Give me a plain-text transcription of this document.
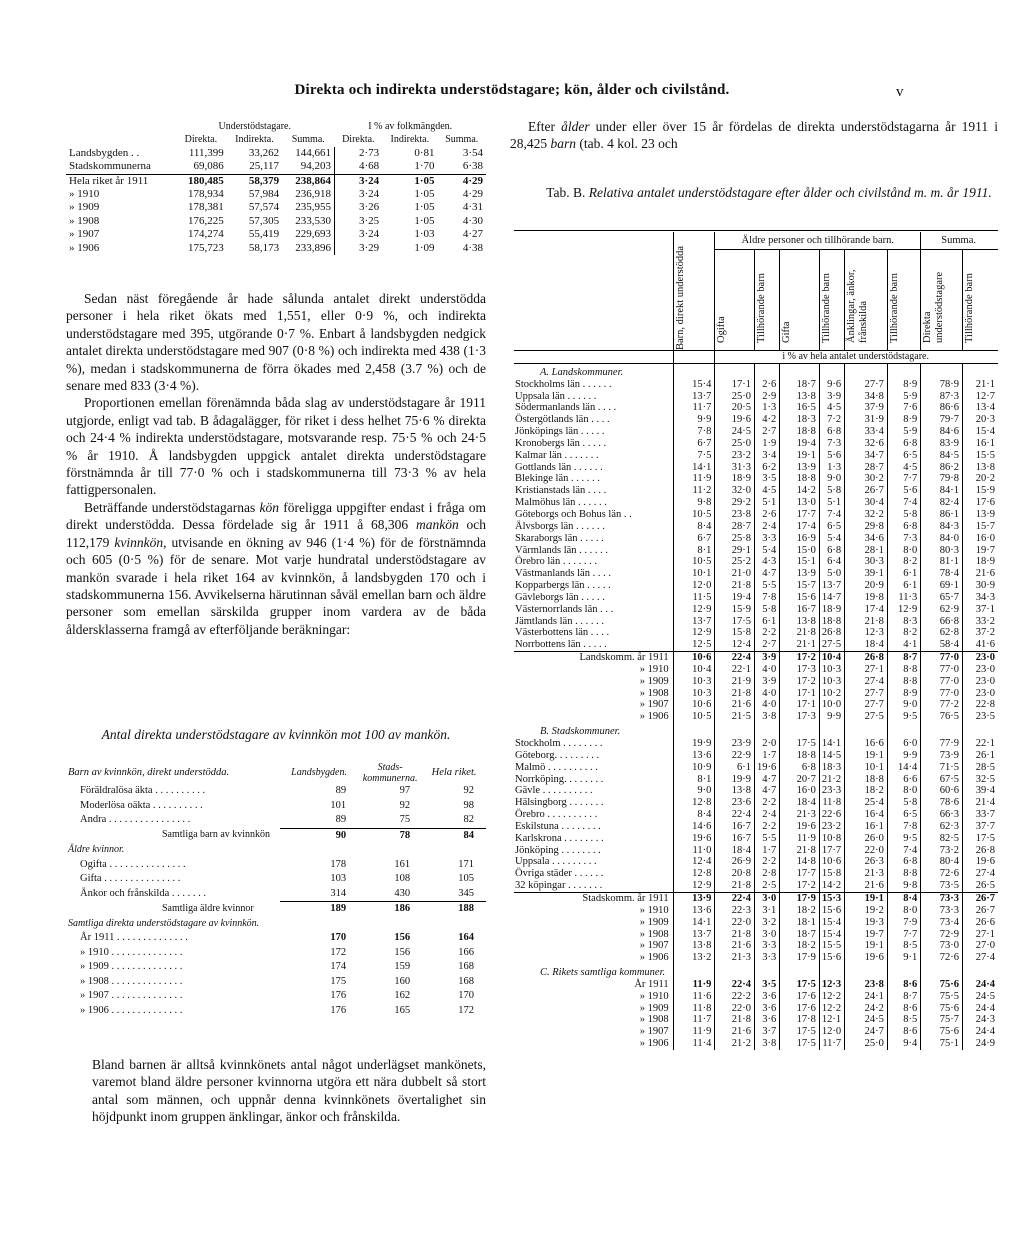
Direkta och indirekta understödstagare; kön, ålder och civilstånd.	v
	Understödstagare.			I % av folkmängden.		
	Direkta.	Indirekta.	Summa.	Direkta.	Indirekta.	Summa.
Landsbygden . .	111,399	33,262	144,661	2·73	0·81	3·54
Stadskommunerna	69,086	25,117	94,203	4·68	1·70	6·38
Hela riket år 1911	180,485	58,379	238,864	3·24	1·05	4·29
» 1910	178,934	57,984	236,918	3·24	1·05	4·29
» 1909	178,381	57,574	235,955	3·26	1·05	4·31
» 1908	176,225	57,305	233,530	3·25	1·05	4·30
» 1907	174,274	55,419	229,693	3·24	1·03	4·27
» 1906	175,723	58,173	233,896	3·29	1·09	4·38

Sedan näst föregående år hade sålunda antalet direkt understödda personer i hela riket ökats med 1,551, eller 0·9 %, och indirekta understödstagare med 395, utgörande 0·7 %. Enbart å landsbygden nedgick antalet direkta understödstagare med 907 (0·8 %) och indirekta med 438 (1·3 %), medan i stadskommunerna de förra ökades med 2,458 (3.7 %) och de senare med 833 (3·4 %).

Proportionen emellan förenämnda båda slag av understödstagare år 1911 utgjorde, enligt vad tab. B ådagalägger, för riket i dess helhet 75·6 % direkta och 24·4 % indirekta understödstagare, motsvarande resp. 75·5 % och 24·5 % år 1910. Å landsbygden uppgick antalet direkta understödstagare förstnämnda år till 77·0 % och i stadskommunerna till 73·3 % av hela fattigpersonalen.

Beträffande understödstagarnas kön föreligga uppgifter endast i fråga om direkt understödda. Dessa fördelade sig år 1911 å 68,306 mankön och 112,179 kvinnkön, utvisande en ökning av 946 (1·4 %) för de förstnämnda och 605 (0·5 %) för de senare. Mot varje hundratal understödstagare av mankön svarade i hela riket 164 av kvinnkön, å landsbygden 170 och i stadskommunerna 156. Avvikelserna härutinnan såväl emellan barn och äldre personer som emellan särskilda grupper inom vardera av de båda åldersklasserna framgå av efterföljande beräkningar:

Antal direkta understödstagare av kvinnkön mot 100 av mankön.
Barn av kvinnkön, direkt understödda.	Landsbygden.	Stads-kommunerna.	Hela riket.
Föräldralösa äkta . . . . . . . . . .	89	97	92
Moderlösa oäkta . . . . . . . . . .	101	92	98
Andra . . . . . . . . . . . . . . . .	89	75	82
Samtliga barn av kvinnkön	90	78	84
Äldre kvinnor.			
Ogifta . . . . . . . . . . . . . . .	178	161	171
Gifta . . . . . . . . . . . . . . .	103	108	105
Änkor och frånskilda . . . . . . .	314	430	345
Samtliga äldre kvinnor	189	186	188
Samtliga direkta understödstagare av kvinnkön.			
År 1911 . . . . . . . . . . . . . .	170	156	164
» 1910 . . . . . . . . . . . . . .	172	156	166
» 1909 . . . . . . . . . . . . . .	174	159	168
» 1908 . . . . . . . . . . . . . .	175	160	168
» 1907 . . . . . . . . . . . . . .	176	162	170
» 1906 . . . . . . . . . . . . . .	176	165	172
Bland barnen är alltså kvinnkönets antal något underlägset mankönets, varemot bland äldre personer kvinnorna utgöra ett nära dubbelt så stort antal som männen, och uppnår denna kvinnkönets övertalighet sin höjdpunkt inom gruppen änklingar, änkor och frånskilda.

Efter ålder under eller över 15 år fördelas de direkta understödstagarna år 1911 i 28,425 barn (tab. 4 kol. 23 och

Tab. B. Relativa antalet understödstagare efter ålder och civilstånd m. m. år 1911.

	Barn, direkt understödda	Äldre personer och tillhörande barn.						Summa.	

		Ogifta	Tillhörande barn	Gifta	Tillhörande barn	Änklingar, änkor, frånskilda	Tillhörande barn	Direkta understödstagare	Tillhörande barn

		i % av hela antalet understödstagare.							
A. Landskommuner.									
Stockholms län . . . . . .	15·4	17·1	2·6	18·7	9·6	27·7	8·9	78·9	21·1
Uppsala län . . . . . .	13·7	25·0	2·9	13·8	3·9	34·8	5·9	87·3	12·7
Södermanlands län . . . .	11·7	20·5	1·3	16·5	4·5	37·9	7·6	86·6	13·4
Östergötlands län . . . .	9·9	19·6	4·2	18·3	7·2	31·9	8·9	79·7	20·3
Jönköpings län . . . . .	7·8	24·5	2·7	18·8	6·8	33·4	5·9	84·6	15·4
Kronobergs län . . . . .	6·7	25·0	1·9	19·4	7·3	32·6	6·8	83·9	16·1
Kalmar län . . . . . . .	7·5	23·2	3·4	19·1	5·6	34·7	6·5	84·5	15·5
Gottlands län . . . . . .	14·1	31·3	6·2	13·9	1·3	28·7	4·5	86·2	13·8
Blekinge län . . . . . .	11·9	18·9	3·5	18·8	9·0	30·2	7·7	79·8	20·2
Kristianstads län . . . .	11·2	32·0	4·5	14·2	5·8	26·7	5·6	84·1	15·9
Malmöhus län . . . . . .	9·8	29·2	5·1	13·0	5·1	30·4	7·4	82·4	17·6
Göteborgs och Bohus län . .	10·5	23·8	2·6	17·7	7·4	32·2	5·8	86·1	13·9
Älvsborgs län . . . . . .	8·4	28·7	2·4	17·4	6·5	29·8	6·8	84·3	15·7
Skaraborgs län . . . . .	6·7	25·8	3·3	16·9	5·4	34·6	7·3	84·0	16·0
Värmlands län . . . . . .	8·1	29·1	5·4	15·0	6·8	28·1	8·0	80·3	19·7
Örebro län . . . . . . .	10·5	25·2	4·3	15·1	6·4	30·3	8·2	81·1	18·9
Västmanlands län . . . .	10·1	21·0	4·7	13·9	5·0	39·1	6·1	78·4	21·6
Kopparbergs län . . . . .	12·0	21·8	5·5	15·7	13·7	20·9	6·1	69·1	30·9
Gävleborgs län . . . . .	11·5	19·4	7·8	15·6	14·7	19·8	11·3	65·7	34·3
Västernorrlands län . . .	12·9	15·9	5·8	16·7	18·9	17·4	12·9	62·9	37·1
Jämtlands län . . . . . .	13·7	17·5	6·1	13·8	18·8	21·8	8·3	66·8	33·2
Västerbottens län . . . .	12·9	15·8	2·2	21·8	26·8	12·3	8·2	62·8	37·2
Norrbottens län . . . . .	12·5	12·4	2·7	21·1	27·5	18·4	4·1	58·4	41·6
Landskomm. år 1911	10·6	22·4	3·9	17·2	10·4	26·8	8·7	77·0	23·0
» 1910	10·4	22·1	4·0	17·3	10·3	27·1	8·8	77·0	23·0
» 1909	10·3	21·9	3·9	17·2	10·3	27·4	8·8	77·0	23·0
» 1908	10·3	21·8	4·0	17·1	10·2	27·7	8·9	77·0	23·0
» 1907	10·6	21·6	4·0	17·1	10·0	27·7	9·0	77·2	22·8
» 1906	10·5	21·5	3·8	17·3	9·9	27·5	9·5	76·5	23·5
B. Stadskommuner.									
Stockholm . . . . . . . .	19·9	23·9	2·0	17·5	14·1	16·6	6·0	77·9	22·1
Göteborg. . . . . . . . .	13·6	22·9	1·7	18·8	14·5	19·1	9·9	73·9	26·1
Malmö . . . . . . . . . .	10·9	6·1	19·6	6·8	18·3	10·1	14·4	71·5	28·5
Norrköping. . . . . . . .	8·1	19·9	4·7	20·7	21·2	18·8	6·6	67·5	32·5
Gävle . . . . . . . . . .	9·0	13·8	4·7	16·0	23·3	18·2	8·0	60·6	39·4
Hälsingborg . . . . . . .	12·8	23·6	2·2	18·4	11·8	25·4	5·8	78·6	21·4
Örebro . . . . . . . . . .	8·4	22·4	2·4	21·3	22·6	16·4	6·5	66·3	33·7
Eskilstuna . . . . . . . .	14·6	16·7	2·2	19·6	23·2	16·1	7·8	62·3	37·7
Karlskrona . . . . . . . .	19·6	16·7	5·5	11·9	10·8	26·0	9·5	82·5	17·5
Jönköping . . . . . . . .	11·0	18·4	1·7	21·8	17·7	22·0	7·4	73·2	26·8
Uppsala . . . . . . . . .	12·4	26·9	2·2	14·8	10·6	26·3	6·8	80·4	19·6
Övriga städer . . . . . .	12·8	20·8	2·8	17·7	15·8	21·3	8·8	72·6	27·4
32 köpingar . . . . . . .	12·9	21·8	2·5	17·2	14·2	21·6	9·8	73·5	26·5
Stadskomm. år 1911	13·9	22·4	3·0	17·9	15·3	19·1	8·4	73·3	26·7
» 1910	13·6	22·3	3·1	18·2	15·6	19·2	8·0	73·3	26·7
» 1909	14·1	22·0	3·2	18·1	15·4	19·3	7·9	73·4	26·6
» 1908	13·7	21·8	3·0	18·7	15·4	19·7	7·7	72·9	27·1
» 1907	13·8	21·6	3·3	18·2	15·5	19·1	8·5	73·0	27·0
» 1906	13·2	21·3	3·3	17·9	15·6	19·6	9·1	72·6	27·4
C. Rikets samtliga kommuner.									
År 1911	11·9	22·4	3·5	17·5	12·3	23·8	8·6	75·6	24·4
» 1910	11·6	22·2	3·6	17·6	12·2	24·1	8·7	75·5	24·5
» 1909	11·8	22·0	3·6	17·6	12·2	24·2	8·6	75·6	24·4
» 1908	11·7	21·8	3·6	17·8	12·1	24·5	8·5	75·7	24·3
» 1907	11·9	21·6	3·7	17·5	12·0	24·7	8·6	75·6	24·4
» 1906	11·4	21·2	3·8	17·5	11·7	25·0	9·4	75·1	24·9
